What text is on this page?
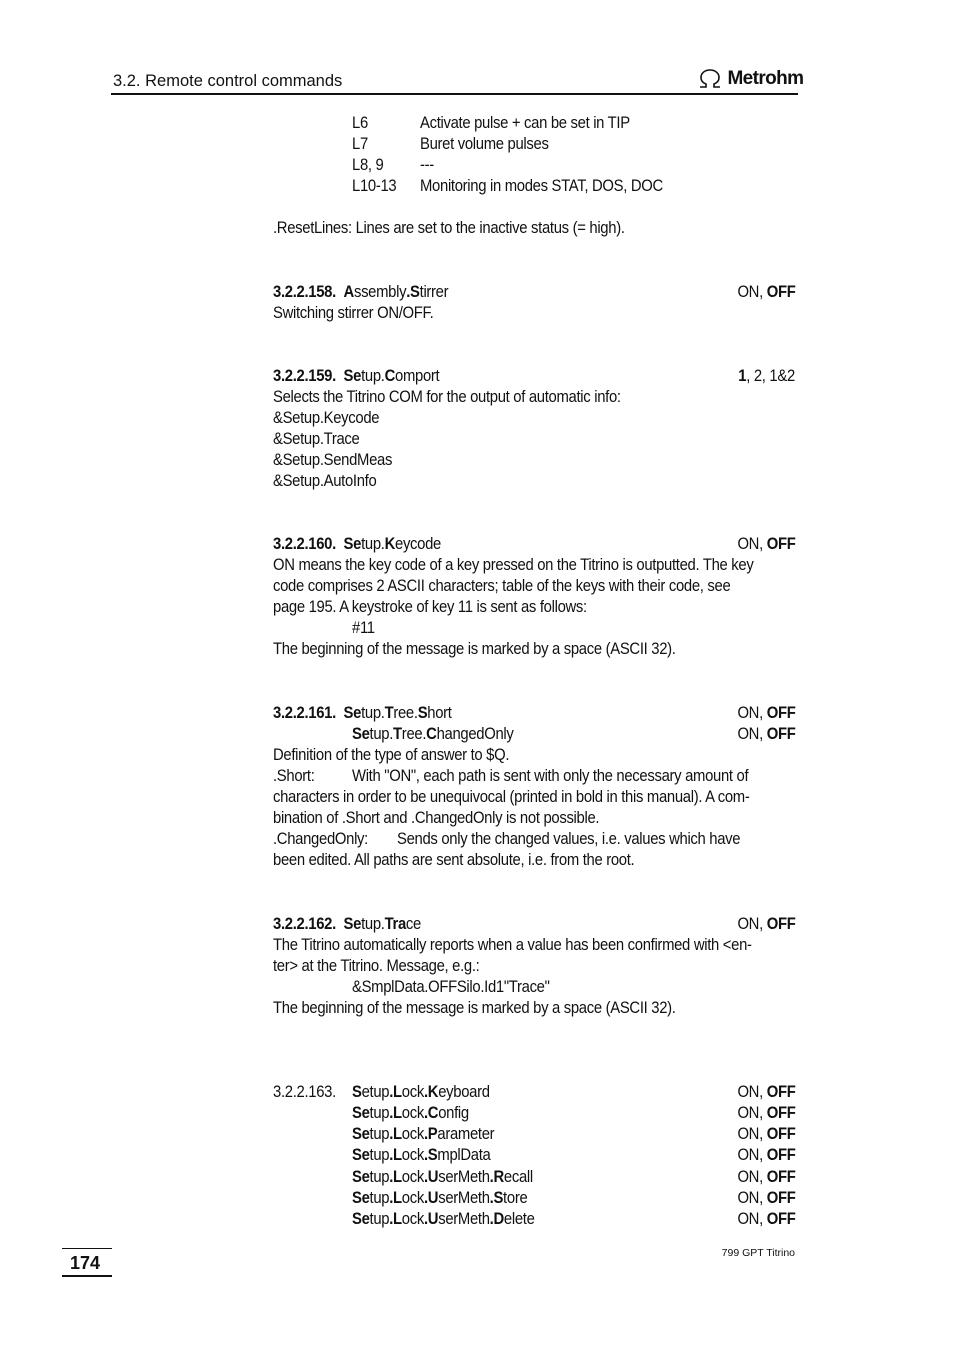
3.2. Remote control commands	Metrohm
L6	Activate pulse + can be set in TIP
L7	Buret volume pulses
L8, 9 ---
L10-13 Monitoring in modes STAT, DOS, DOC
.ResetLines: Lines are set to the inactive status (= high).
3.2.2.158. Assembly.Stirrer	ON, OFF
Switching stirrer ON/OFF.
3.2.2.159. Setup.Comport	1, 2, 1&2
Selects the Titrino COM for the output of automatic info:
&Setup.Keycode
&Setup.Trace
&Setup.SendMeas
&Setup.AutoInfo
3.2.2.160. Setup.Keycode	ON, OFF
ON means the key code of a key pressed on the Titrino is outputted. The key
code comprises 2 ASCII characters; table of the keys with their code, see
page 195. A keystroke of key 11 is sent as follows:
#11
The beginning of the message is marked by a space (ASCII 32).
3.2.2.161. Setup.Tree.Short	ON, OFF
Setup.Tree.ChangedOnly	ON, OFF
Definition of the type of answer to $Q.
.Short: With "ON", each path is sent with only the necessary amount of
characters in order to be unequivocal (printed in bold in this manual). A com-
bination of .Short and .ChangedOnly is not possible.
.ChangedOnly: Sends only the changed values, i.e. values which have
been edited. All paths are sent absolute, i.e. from the root.
3.2.2.162. Setup.Trace	ON, OFF
The Titrino automatically reports when a value has been confirmed with <en-
ter> at the Titrino. Message, e.g.:
&SmplData.OFFSilo.Id1"Trace"
The beginning of the message is marked by a space (ASCII 32).
3.2.2.163. Setup.Lock.Keyboard	ON, OFF
Setup.Lock.Config	ON, OFF
Setup.Lock.Parameter	ON, OFF
Setup.Lock.SmplData	ON, OFF
Setup.Lock.UserMeth.Recall	ON, OFF
Setup.Lock.UserMeth.Store	ON, OFF
Setup.Lock.UserMeth.Delete	ON, OFF
174	799 GPT Titrino
